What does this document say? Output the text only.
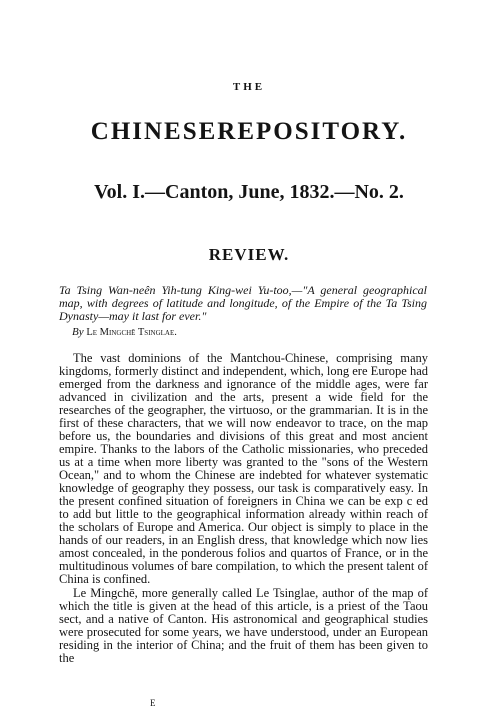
THE
CHINESEREPOSITORY.
Vol. I.—Canton, June, 1832.—No. 2.
REVIEW.
Ta Tsing Wan-neên Yih-tung King-wei Yu-too,—"A general geographical map, with degrees of latitude and longitude, of the Empire of the Ta Tsing Dynasty—may it last for ever."
By Le Mingchē Tsinglae.

The vast dominions of the Mantchou-Chinese, comprising many kingdoms, formerly distinct and independent, which, long ere Europe had emerged from the darkness and ignorance of the middle ages, were far advanced in civilization and the arts, present a wide field for the researches of the geographer, the virtuoso, or the grammarian. It is in the first of these characters, that we will now endeavor to trace, on the map before us, the boundaries and divisions of this great and most ancient empire. Thanks to the labors of the Catholic missionaries, who preceded us at a time when more liberty was granted to the "sons of the Western Ocean," and to whom the Chinese are indebted for whatever systematic knowledge of geography they possess, our task is comparatively easy. In the present confined situation of foreigners in China we can be exp c ed to add but little to the geographical information already within reach of the scholars of Europe and America. Our object is simply to place in the hands of our readers, in an English dress, that knowledge which now lies amost concealed, in the ponderous folios and quartos of France, or in the multitudinous volumes of bare compilation, to which the present talent of China is confined.

Le Mingchē, more generally called Le Tsinglae, author of the map of which the title is given at the head of this article, is a priest of the Taou sect, and a native of Canton. His astronomical and geographical studies were prosecuted for some years, we have understood, under an European residing in the interior of China; and the fruit of them has been given to the

E
